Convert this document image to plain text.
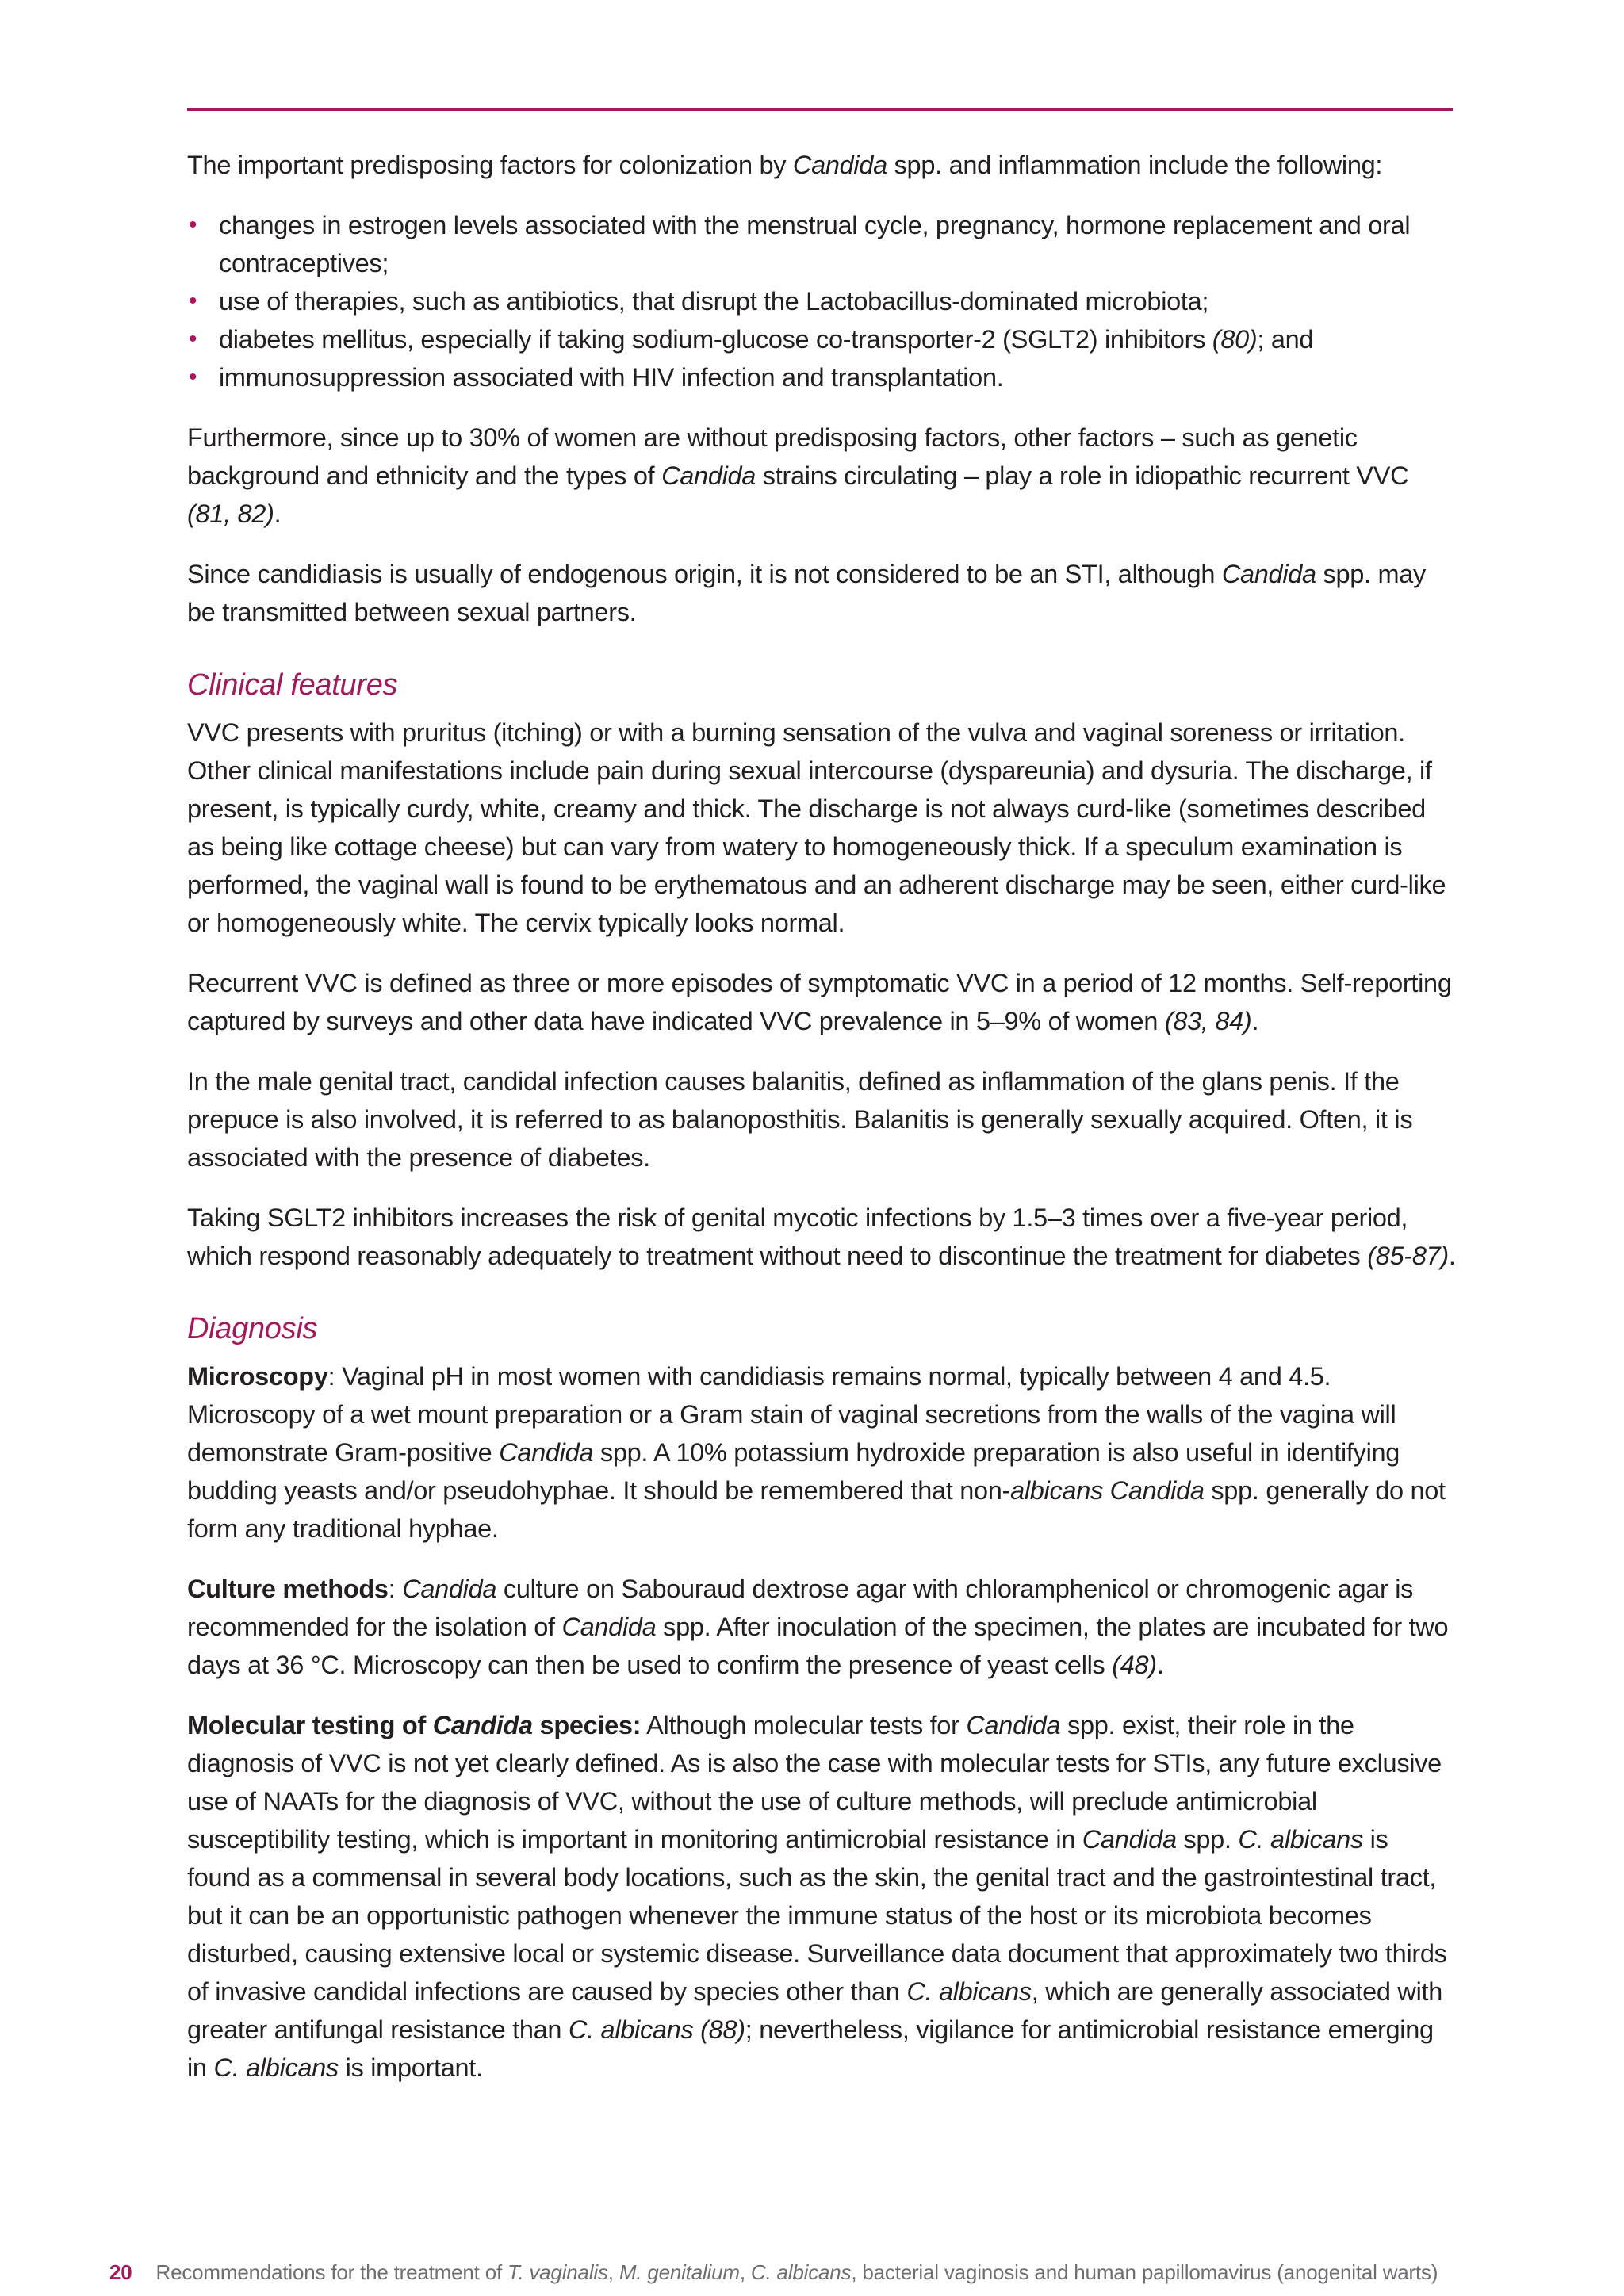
The important predisposing factors for colonization by Candida spp. and inflammation include the following:

• changes in estrogen levels associated with the menstrual cycle, pregnancy, hormone replacement and oral contraceptives;
• use of therapies, such as antibiotics, that disrupt the Lactobacillus-dominated microbiota;
• diabetes mellitus, especially if taking sodium-glucose co-transporter-2 (SGLT2) inhibitors (80); and
• immunosuppression associated with HIV infection and transplantation.

Furthermore, since up to 30% of women are without predisposing factors, other factors – such as genetic background and ethnicity and the types of Candida strains circulating – play a role in idiopathic recurrent VVC (81, 82).

Since candidiasis is usually of endogenous origin, it is not considered to be an STI, although Candida spp. may be transmitted between sexual partners.

Clinical features

VVC presents with pruritus (itching) or with a burning sensation of the vulva and vaginal soreness or irritation. Other clinical manifestations include pain during sexual intercourse (dyspareunia) and dysuria. The discharge, if present, is typically curdy, white, creamy and thick. The discharge is not always curd-like (sometimes described as being like cottage cheese) but can vary from watery to homogeneously thick. If a speculum examination is performed, the vaginal wall is found to be erythematous and an adherent discharge may be seen, either curd-like or homogeneously white. The cervix typically looks normal.

Recurrent VVC is defined as three or more episodes of symptomatic VVC in a period of 12 months. Self-reporting captured by surveys and other data have indicated VVC prevalence in 5–9% of women (83, 84).

In the male genital tract, candidal infection causes balanitis, defined as inflammation of the glans penis. If the prepuce is also involved, it is referred to as balanoposthitis. Balanitis is generally sexually acquired. Often, it is associated with the presence of diabetes.

Taking SGLT2 inhibitors increases the risk of genital mycotic infections by 1.5–3 times over a five-year period, which respond reasonably adequately to treatment without need to discontinue the treatment for diabetes (85-87).

Diagnosis

Microscopy: Vaginal pH in most women with candidiasis remains normal, typically between 4 and 4.5. Microscopy of a wet mount preparation or a Gram stain of vaginal secretions from the walls of the vagina will demonstrate Gram-positive Candida spp. A 10% potassium hydroxide preparation is also useful in identifying budding yeasts and/or pseudohyphae. It should be remembered that non-albicans Candida spp. generally do not form any traditional hyphae.

Culture methods: Candida culture on Sabouraud dextrose agar with chloramphenicol or chromogenic agar is recommended for the isolation of Candida spp. After inoculation of the specimen, the plates are incubated for two days at 36 °C. Microscopy can then be used to confirm the presence of yeast cells (48).

Molecular testing of Candida species: Although molecular tests for Candida spp. exist, their role in the diagnosis of VVC is not yet clearly defined. As is also the case with molecular tests for STIs, any future exclusive use of NAATs for the diagnosis of VVC, without the use of culture methods, will preclude antimicrobial susceptibility testing, which is important in monitoring antimicrobial resistance in Candida spp. C. albicans is found as a commensal in several body locations, such as the skin, the genital tract and the gastrointestinal tract, but it can be an opportunistic pathogen whenever the immune status of the host or its microbiota becomes disturbed, causing extensive local or systemic disease. Surveillance data document that approximately two thirds of invasive candidal infections are caused by species other than C. albicans, which are generally associated with greater antifungal resistance than C. albicans (88); nevertheless, vigilance for antimicrobial resistance emerging in C. albicans is important.

20 Recommendations for the treatment of T. vaginalis, M. genitalium, C. albicans, bacterial vaginosis and human papillomavirus (anogenital warts)
